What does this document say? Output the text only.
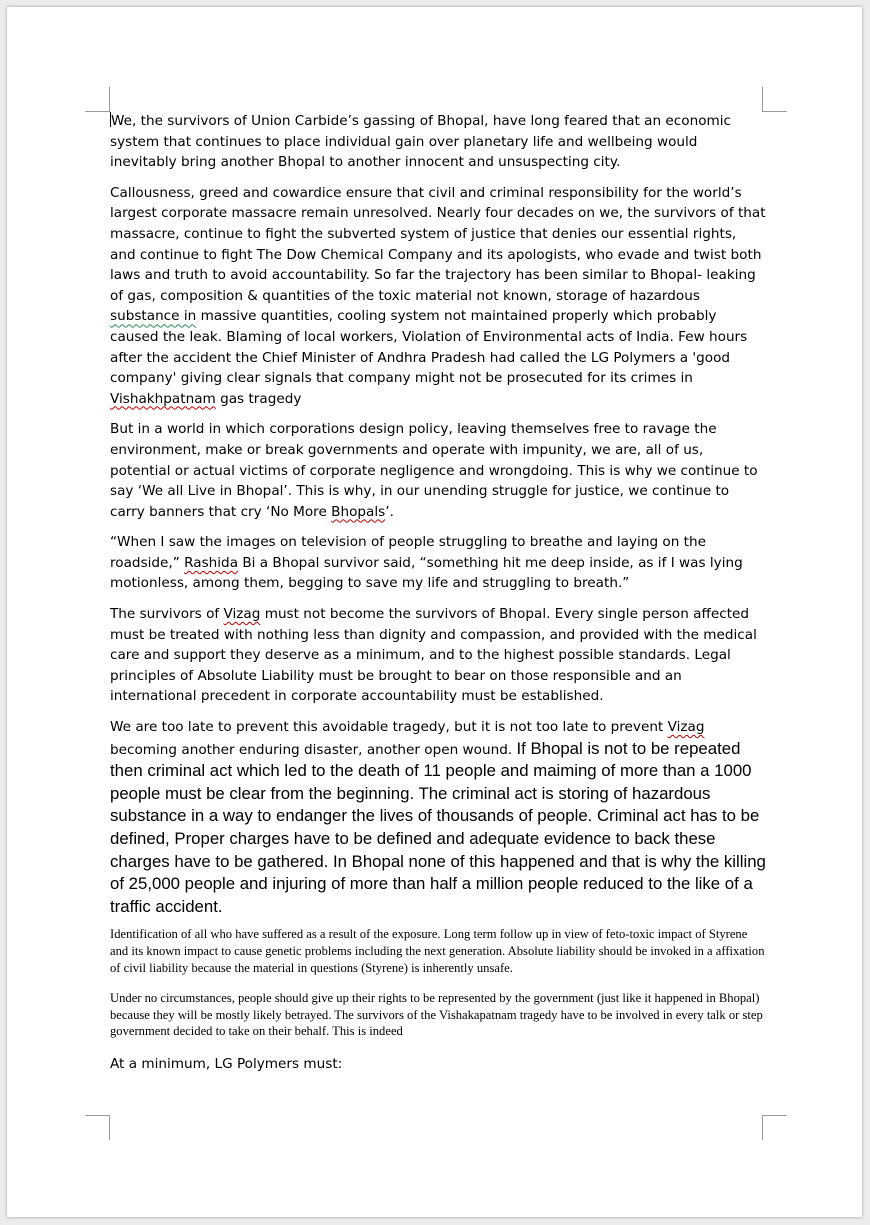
We, the survivors of Union Carbide’s gassing of Bhopal, have long feared that an economic system that continues to place individual gain over planetary life and wellbeing would inevitably bring another Bhopal to another innocent and unsuspecting city.

Callousness, greed and cowardice ensure that civil and criminal responsibility for the world’s largest corporate massacre remain unresolved. Nearly four decades on we, the survivors of that massacre, continue to fight the subverted system of justice that denies our essential rights, and continue to fight The Dow Chemical Company and its apologists, who evade and twist both laws and truth to avoid accountability. So far the trajectory has been similar to Bhopal- leaking of gas, composition & quantities of the toxic material not known, storage of hazardous substance in massive quantities, cooling system not maintained properly which probably caused the leak. Blaming of local workers, Violation of Environmental acts of India. Few hours after the accident the Chief Minister of Andhra Pradesh had called the LG Polymers a 'good company' giving clear signals that company might not be prosecuted for its crimes in Vishakhpatnam gas tragedy

But in a world in which corporations design policy, leaving themselves free to ravage the environment, make or break governments and operate with impunity, we are, all of us, potential or actual victims of corporate negligence and wrongdoing. This is why we continue to say ‘We all Live in Bhopal’. This is why, in our unending struggle for justice, we continue to carry banners that cry ‘No More Bhopals’.

“When I saw the images on television of people struggling to breathe and laying on the roadside,” Rashida Bi a Bhopal survivor said, “something hit me deep inside, as if I was lying motionless, among them, begging to save my life and struggling to breath.”

The survivors of Vizag must not become the survivors of Bhopal. Every single person affected must be treated with nothing less than dignity and compassion, and provided with the medical care and support they deserve as a minimum, and to the highest possible standards. Legal principles of Absolute Liability must be brought to bear on those responsible and an international precedent in corporate accountability must be established.

We are too late to prevent this avoidable tragedy, but it is not too late to prevent Vizag becoming another enduring disaster, another open wound. If Bhopal is not to be repeated then criminal act which led to the death of 11 people and maiming of more than a 1000 people must be clear from the beginning. The criminal act is storing of hazardous substance in a way to endanger the lives of thousands of people. Criminal act has to be defined, Proper charges have to be defined and adequate evidence to back these charges have to be gathered. In Bhopal none of this happened and that is why the killing of 25,000 people and injuring of more than half a million people reduced to the like of a traffic accident.

Identification of all who have suffered as a result of the exposure. Long term follow up in view of feto-toxic impact of Styrene and its known impact to cause genetic problems including the next generation. Absolute liability should be invoked in a affixation of civil liability because the material in questions (Styrene) is inherently unsafe.

Under no circumstances, people should give up their rights to be represented by the government (just like it happened in Bhopal) because they will be mostly likely betrayed. The survivors of the Vishakapatnam tragedy have to be involved in every talk or step government decided to take on their behalf. This is indeed

At a minimum, LG Polymers must:
